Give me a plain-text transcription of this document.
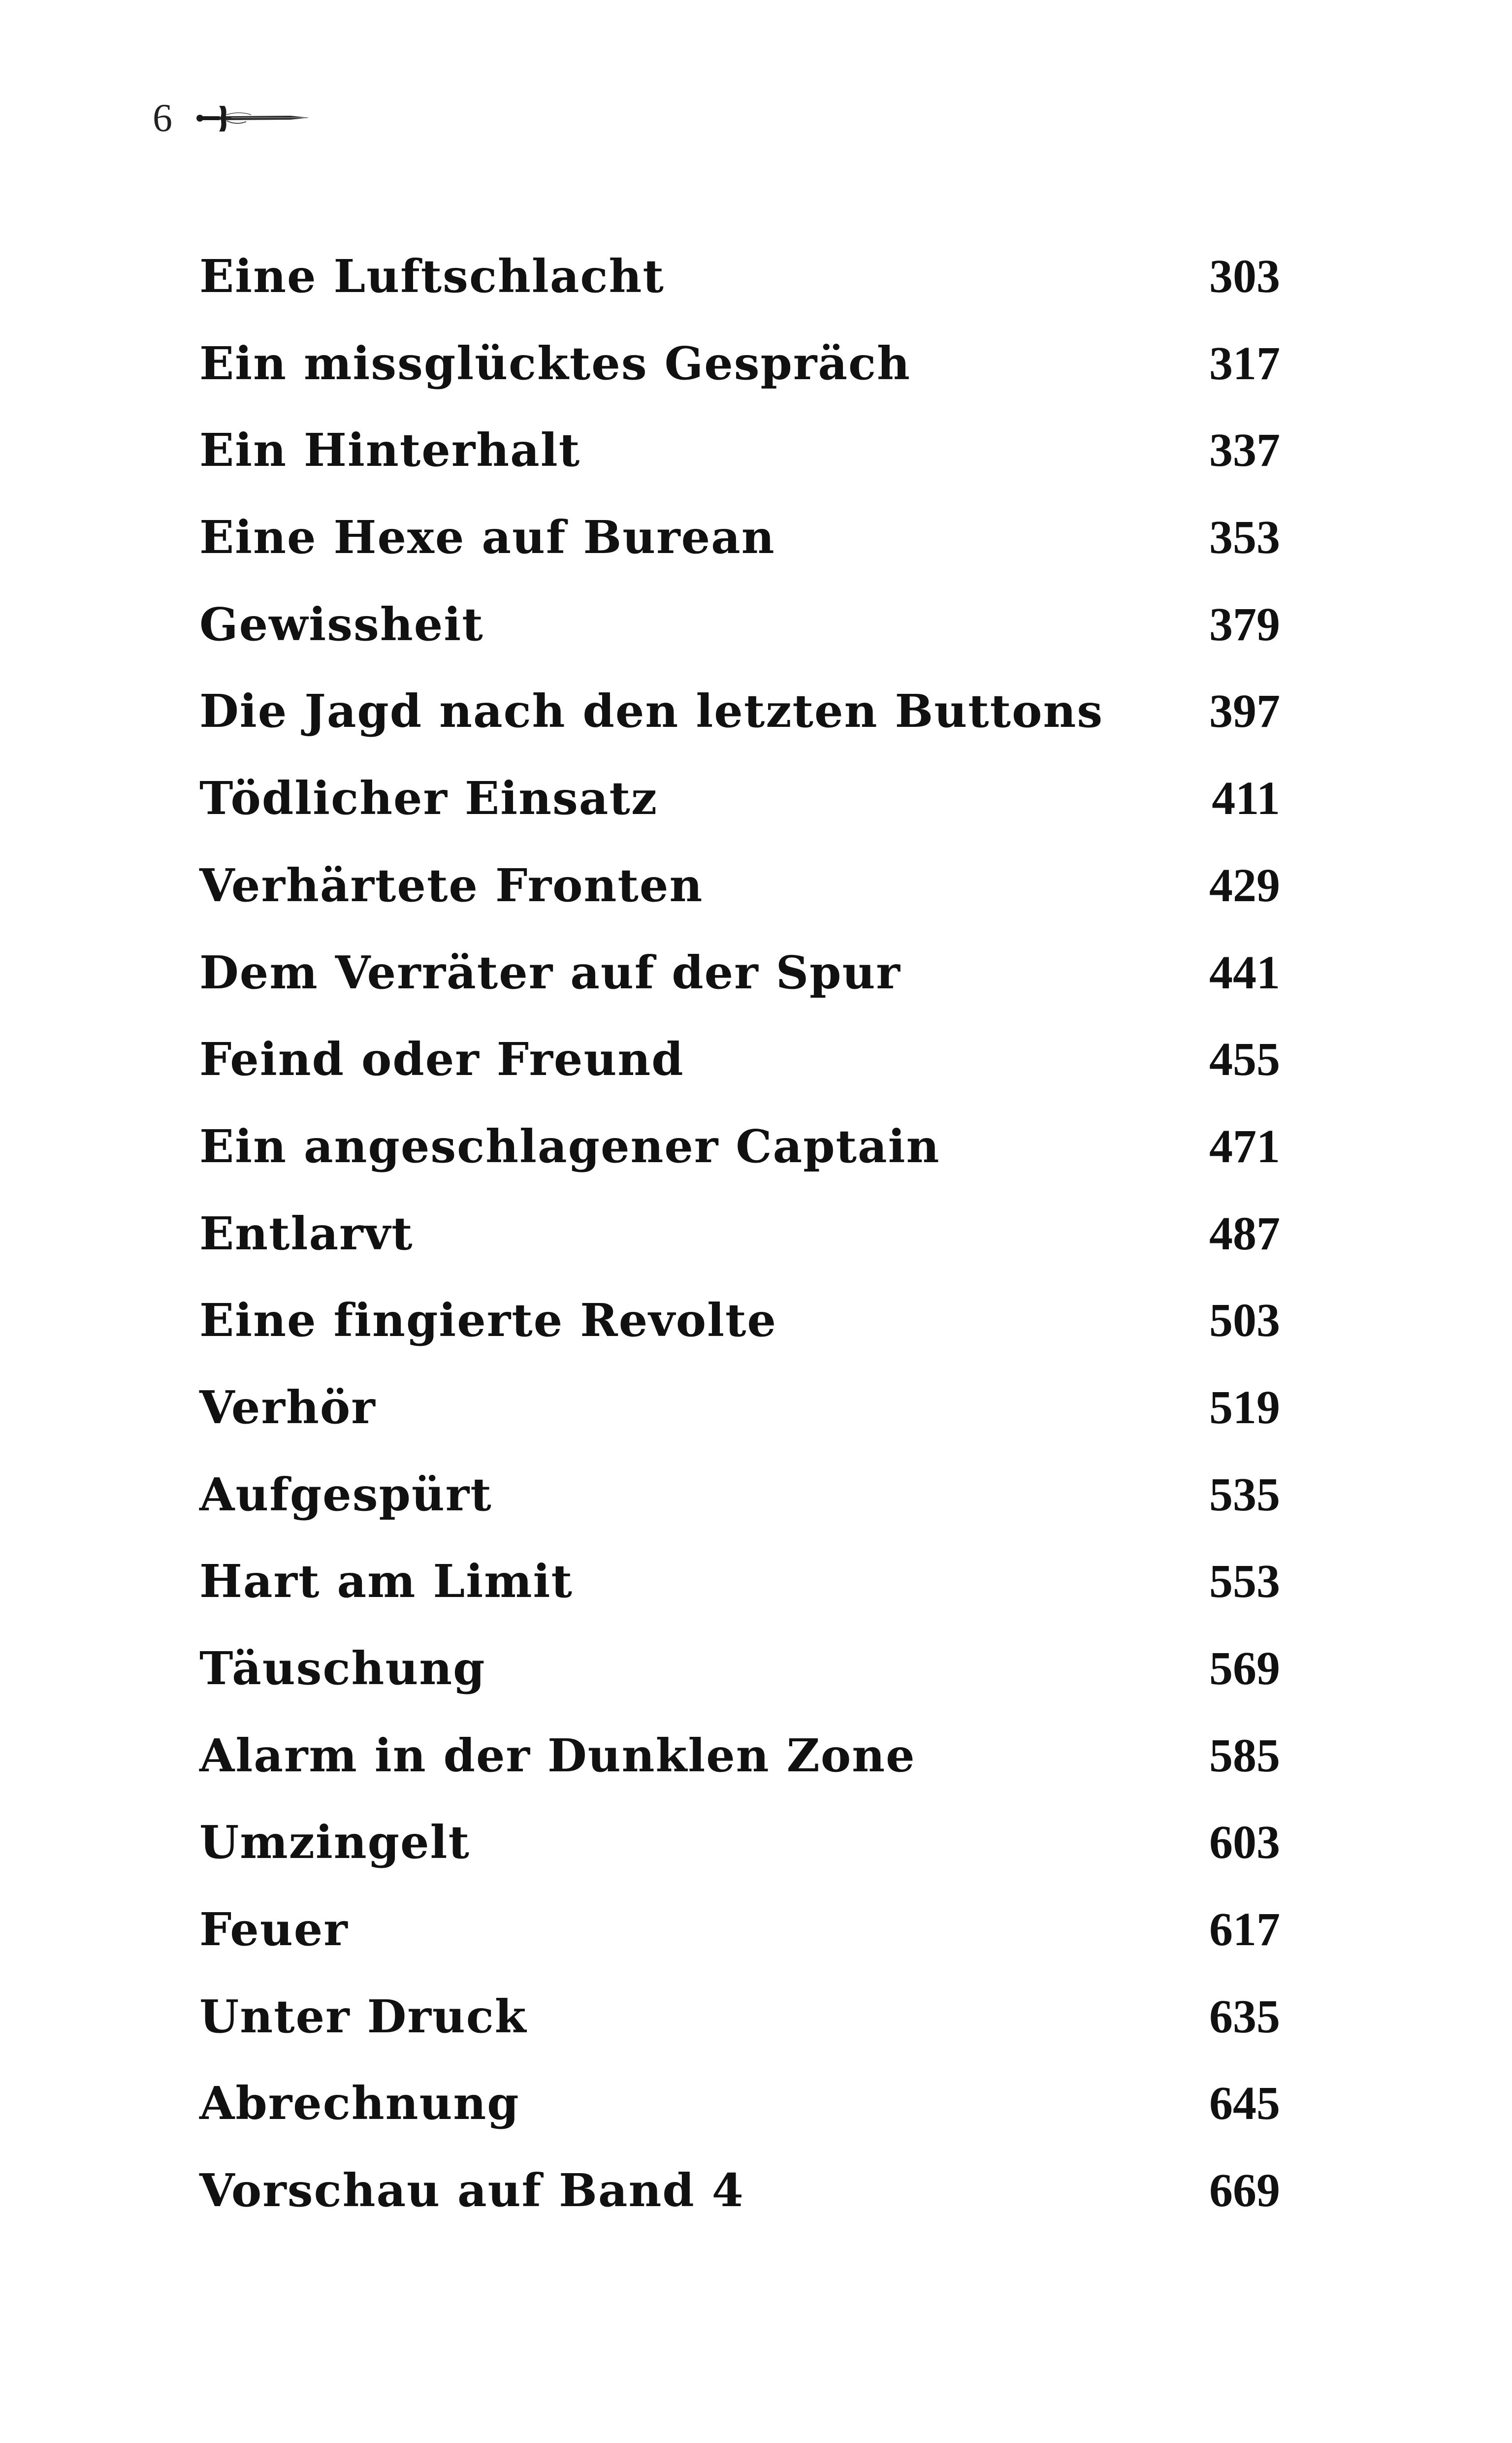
6
Eine Luftschlacht	303
Ein missglücktes Gespräch	317
Ein Hinterhalt	337
Eine Hexe auf Burean	353
Gewissheit	379
Die Jagd nach den letzten Buttons 397
Tödlicher Einsatz	411
Verhärtete Fronten	429
Dem Verräter auf der Spur	441
Feind oder Freund	455
Ein angeschlagener Captain	471
Entlarvt	487
Eine fingierte Revolte	503
Verhör	519
Aufgespürt	535
Hart am Limit	553
Täuschung	569
Alarm in der Dunklen Zone	585
Umzingelt	603
Feuer	617
Unter Druck	635
Abrechnung	645
Vorschau auf Band 4	669
